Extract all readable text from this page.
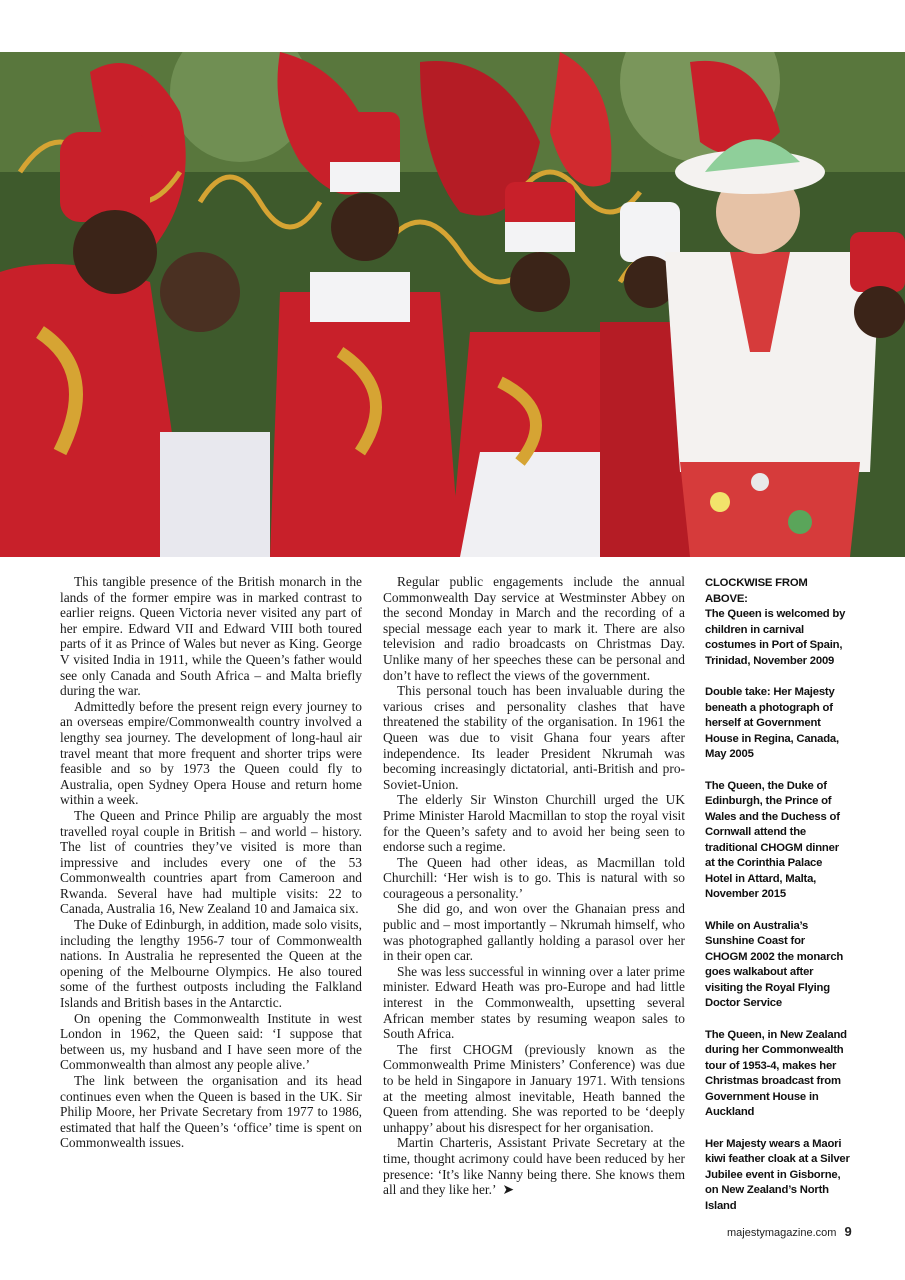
This tangible presence of the British monarch in the lands of the former empire was in marked contrast to earlier reigns. Queen Victoria never visited any part of her empire. Edward VII and Edward VIII both toured parts of it as Prince of Wales but never as King. George V visited India in 1911, while the Queen’s father would see only Canada and South Africa – and Malta briefly during the war.

Admittedly before the present reign every journey to an overseas empire/Commonwealth country involved a lengthy sea journey. The development of long-haul air travel meant that more frequent and shorter trips were feasible and so by 1973 the Queen could fly to Australia, open Sydney Opera House and return home within a week.

The Queen and Prince Philip are arguably the most travelled royal couple in British – and world – history. The list of countries they’ve visited is more than impressive and includes every one of the 53 Commonwealth countries apart from Cameroon and Rwanda. Several have had multiple visits: 22 to Canada, Australia 16, New Zealand 10 and Jamaica six.

The Duke of Edinburgh, in addition, made solo visits, including the lengthy 1956-7 tour of Commonwealth nations. In Australia he represented the Queen at the opening of the Melbourne Olympics. He also toured some of the furthest outposts including the Falkland Islands and British bases in the Antarctic.

On opening the Commonwealth Institute in west London in 1962, the Queen said: ‘I suppose that between us, my husband and I have seen more of the Commonwealth than almost any people alive.’

The link between the organisation and its head continues even when the Queen is based in the UK. Sir Philip Moore, her Private Secretary from 1977 to 1986, estimated that half the Queen’s ‘office’ time is spent on Commonwealth issues.

Regular public engagements include the annual Commonwealth Day service at Westminster Abbey on the second Monday in March and the recording of a special message each year to mark it. There are also television and radio broadcasts on Christmas Day. Unlike many of her speeches these can be personal and don’t have to reflect the views of the government.

This personal touch has been invaluable during the various crises and personality clashes that have threatened the stability of the organisation. In 1961 the Queen was due to visit Ghana four years after independence. Its leader President Nkrumah was becoming increasingly dictatorial, anti-British and pro-Soviet-Union.

The elderly Sir Winston Churchill urged the UK Prime Minister Harold Macmillan to stop the royal visit for the Queen’s safety and to avoid her being seen to endorse such a regime.

The Queen had other ideas, as Macmillan told Churchill: ‘Her wish is to go. This is natural with so courageous a personality.’

She did go, and won over the Ghanaian press and public and – most importantly – Nkrumah himself, who was photographed gallantly holding a parasol over her in their open car.

She was less successful in winning over a later prime minister. Edward Heath was pro-Europe and had little interest in the Commonwealth, upsetting several African member states by resuming weapon sales to South Africa.

The first CHOGM (previously known as the Commonwealth Prime Ministers’ Conference) was due to be held in Singapore in January 1971. With tensions at the meeting almost inevitable, Heath banned the Queen from attending. She was reported to be ‘deeply unhappy’ about his disrespect for her organisation.

Martin Charteris, Assistant Private Secretary at the time, thought acrimony could have been reduced by her presence: ‘It’s like Nanny being there. She knows them all and they like her.’ ➤

CLOCKWISE FROM ABOVE:
The Queen is welcomed by children in carnival costumes in Port of Spain, Trinidad, November 2009

Double take: Her Majesty beneath a photograph of herself at Government House in Regina, Canada, May 2005

The Queen, the Duke of Edinburgh, the Prince of Wales and the Duchess of Cornwall attend the traditional CHOGM dinner at the Corinthia Palace Hotel in Attard, Malta, November 2015

While on Australia’s Sunshine Coast for CHOGM 2002 the monarch goes walkabout after visiting the Royal Flying Doctor Service

The Queen, in New Zealand during her Commonwealth tour of 1953-4, makes her Christmas broadcast from Government House in Auckland

Her Majesty wears a Maori kiwi feather cloak at a Silver Jubilee event in Gisborne, on New Zealand’s North Island

majestymagazine.com 9
